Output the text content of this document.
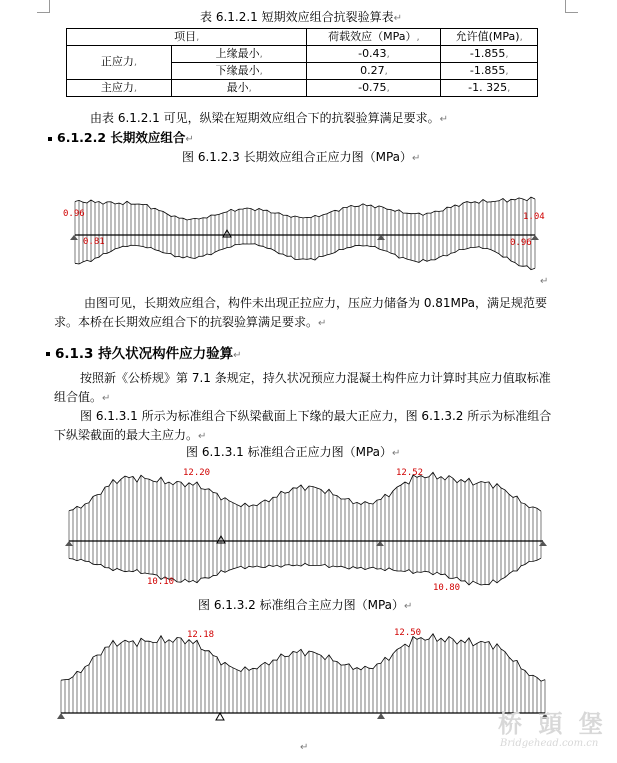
表 6.1.2.1 短期效应组合抗裂验算表↵
项目,		荷载效应（MPa）,	允许值(MPa),
正应力,	上缘最小,	-0.43,	-1.855,
	下缘最小,	0.27,	-1.855,
主应力,	最小,	-0.75,	-1. 325,
由表 6.1.2.1 可见，纵梁在短期效应组合下的抗裂验算满足要求。↵
6.1.2.2 长期效应组合↵
图 6.1.2.3 长期效应组合正应力图（MPa）↵
0.96
0.81
1.04
0.96
↵
由图可见，长期效应组合，构件未出现正拉应力，压应力储备为 0.81MPa，满足规范要求。本桥在长期效应组合下的抗裂验算满足要求。↵
6.1.3 持久状况构件应力验算↵
按照新《公桥规》第 7.1 条规定，持久状况预应力混凝土构件应力计算时其应力值取标准组合值。↵
图 6.1.3.1 所示为标准组合下纵梁截面上下缘的最大正应力，图 6.1.3.2 所示为标准组合下纵梁截面的最大主应力。↵
图 6.1.3.1 标准组合正应力图（MPa）↵
12.20	12.52
10.10
10.80
图 6.1.3.2 标准组合主应力图（MPa）↵
12.18	12.50
↵
桥 頭 堡
Bridgehead.com.cn
